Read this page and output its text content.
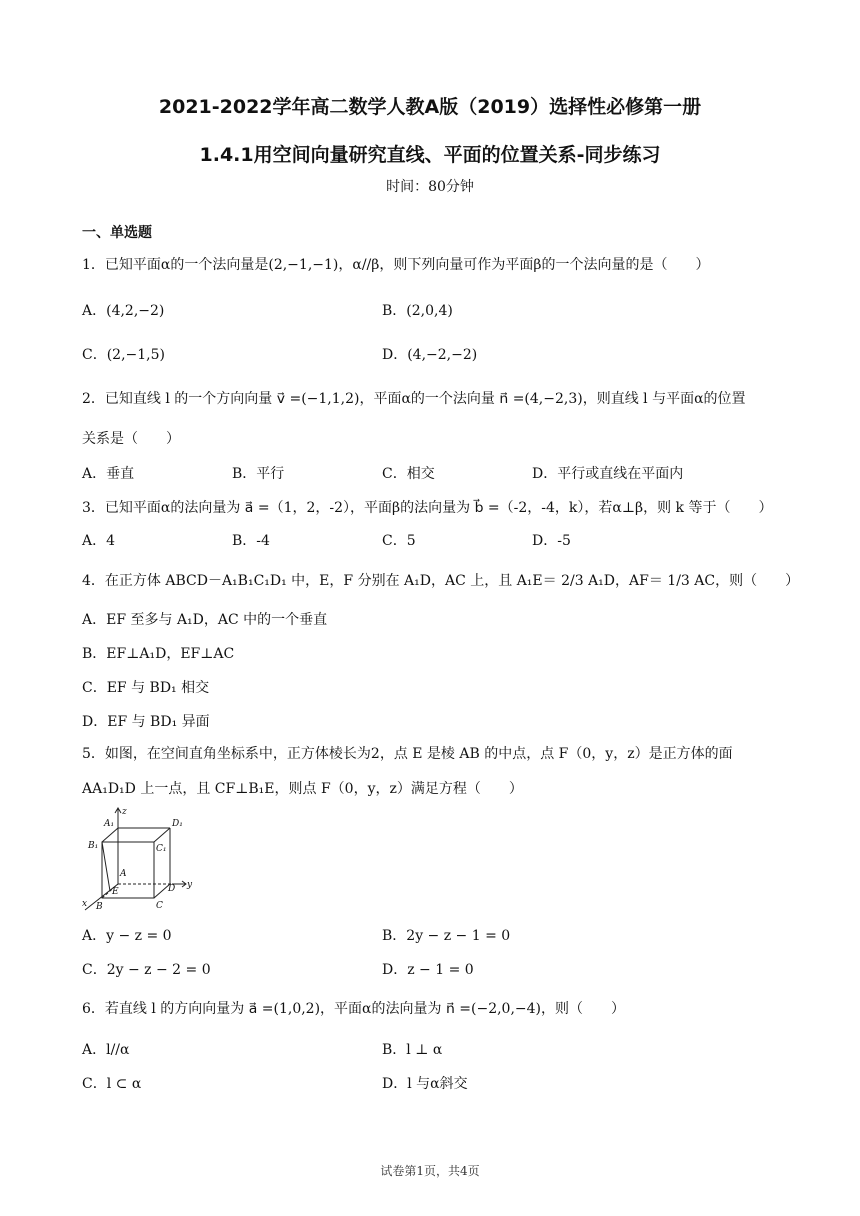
2021-2022学年高二数学人教A版（2019）选择性必修第一册
1.4.1用空间向量研究直线、平面的位置关系-同步练习
时间：80分钟
一、单选题
1．已知平面α的一个法向量是(2,−1,−1)，α//β，则下列向量可作为平面β的一个法向量的是（　　）
A．(4,2,−2)	B．(2,0,4)
C．(2,−1,5)	D．(4,−2,−2)
2．已知直线 l 的一个方向向量 v⃗ =(−1,1,2)，平面α的一个法向量 n⃗ =(4,−2,3)，则直线 l 与平面α的位置
关系是（　　）
A．垂直	B．平行	C．相交	D．平行或直线在平面内
3．已知平面α的法向量为 a⃗ =（1，2，-2），平面β的法向量为 b⃗ =（-2，-4，k），若α⊥β，则 k 等于（　　）
A．4	B．-4	C．5	D．-5
4．在正方体 ABCD－A₁B₁C₁D₁ 中，E，F 分别在 A₁D，AC 上，且 A₁E＝ 2/3 A₁D，AF＝ 1/3 AC，则（　　）
A．EF 至多与 A₁D，AC 中的一个垂直
B．EF⊥A₁D，EF⊥AC
C．EF 与 BD₁ 相交
D．EF 与 BD₁ 异面
5．如图，在空间直角坐标系中，正方体棱长为2，点 E 是棱 AB 的中点，点 F（0，y，z）是正方体的面
AA₁D₁D 上一点，且 CF⊥B₁E，则点 F（0，y，z）满足方程（　　）
z
y
x
A₁	D₁
B₁	C₁
A
D
E
B	C
A．y − z = 0	B．2y − z − 1 = 0
C．2y − z − 2 = 0	D．z − 1 = 0
6．若直线 l 的方向向量为 a⃗ =(1,0,2)，平面α的法向量为 n⃗ =(−2,0,−4)，则（　　）
A．l//α	B．l ⊥ α
C．l ⊂ α	D．l 与α斜交
试卷第1页，共4页
